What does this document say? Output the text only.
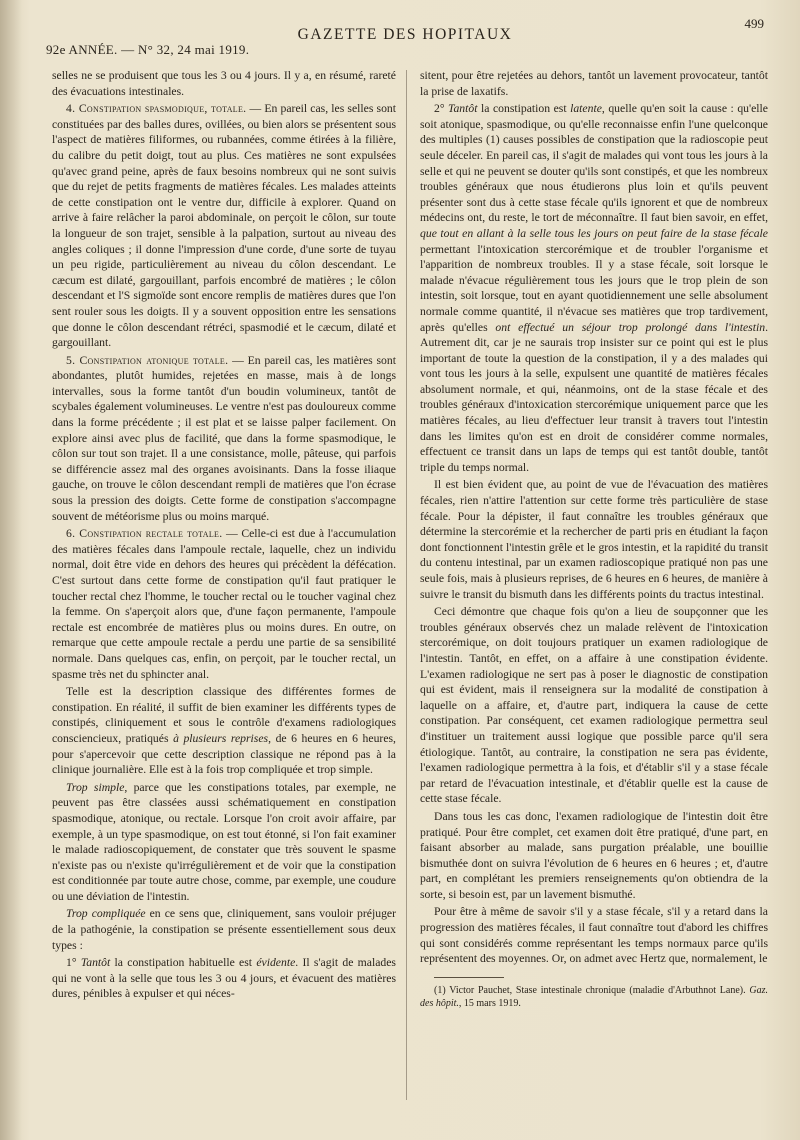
92e ANNÉE. — N° 32, 24 mai 1919.
GAZETTE DES HOPITAUX
499

selles ne se produisent que tous les 3 ou 4 jours. Il y a, en résumé, rareté des évacuations intestinales.

4. Constipation spasmodique, totale. — En pareil cas, les selles sont constituées par des balles dures, ovillées, ou bien alors se présentent sous l'aspect de matières filiformes, ou rubannées, comme étirées à la filière, du calibre du petit doigt, tout au plus. Ces matières ne sont expulsées qu'avec grand peine, après de faux besoins nombreux qui ne sont suivis que du rejet de petits fragments de matières fécales. Les malades atteints de cette constipation ont le ventre dur, difficile à explorer. Quand on arrive à faire relâcher la paroi abdominale, on perçoit le côlon, sur toute la longueur de son trajet, sensible à la palpation, surtout au niveau des angles coliques ; il donne l'impression d'une corde, d'une sorte de tuyau un peu rigide, particulièrement au niveau du côlon descendant. Le cæcum est dilaté, gargouillant, parfois encombré de matières ; le côlon descendant et l'S sigmoïde sont encore remplis de matières dures que l'on sent rouler sous les doigts. Il y a souvent opposition entre les sensations que donne le côlon descendant rétréci, spasmodié et le cæcum, dilaté et gargouillant.

5. Constipation atonique totale. — En pareil cas, les matières sont abondantes, plutôt humides, rejetées en masse, mais à de longs intervalles, sous la forme tantôt d'un boudin volumineux, tantôt de scybales également volumineuses. Le ventre n'est pas douloureux comme dans la forme précédente ; il est plat et se laisse palper facilement. On explore ainsi avec plus de facilité, que dans la forme spasmodique, le côlon sur tout son trajet. Il a une consistance, molle, pâteuse, qui parfois se différencie assez mal des organes avoisinants. Dans la fosse iliaque gauche, on trouve le côlon descendant rempli de matières que l'on écrase sous la pression des doigts. Cette forme de constipation s'accompagne souvent de météorisme plus ou moins marqué.

6. Constipation rectale totale. — Celle-ci est due à l'accumulation des matières fécales dans l'ampoule rectale, laquelle, chez un individu normal, doit être vide en dehors des heures qui précèdent la défécation. C'est surtout dans cette forme de constipation qu'il faut pratiquer le toucher rectal chez l'homme, le toucher rectal ou le toucher vaginal chez la femme. On s'aperçoit alors que, d'une façon permanente, l'ampoule rectale est encombrée de matières plus ou moins dures. En outre, on remarque que cette ampoule rectale a perdu une partie de sa sensibilité normale. Dans quelques cas, enfin, on perçoit, par le toucher rectal, un spasme très net du sphincter anal.

Telle est la description classique des différentes formes de constipation. En réalité, il suffit de bien examiner les différents types de constipés, cliniquement et sous le contrôle d'examens radiologiques consciencieux, pratiqués à plusieurs reprises, de 6 heures en 6 heures, pour s'apercevoir que cette description classique ne répond pas à la clinique journalière. Elle est à la fois trop compliquée et trop simple.

Trop simple, parce que les constipations totales, par exemple, ne peuvent pas être classées aussi schématiquement en constipation spasmodique, atonique, ou rectale. Lorsque l'on croit avoir affaire, par exemple, à un type spasmodique, on est tout étonné, si l'on fait examiner le malade radioscopiquement, de constater que très souvent le spasme n'existe pas ou n'existe qu'irrégulièrement et de voir que la constipation est conditionnée par toute autre chose, comme, par exemple, une coudure ou une déviation de l'intestin.

Trop compliquée en ce sens que, cliniquement, sans vouloir préjuger de la pathogénie, la constipation se présente essentiellement sous deux types :

1° Tantôt la constipation habituelle est évidente. Il s'agit de malades qui ne vont à la selle que tous les 3 ou 4 jours, et évacuent des matières dures, pénibles à expulser et qui néces-

sitent, pour être rejetées au dehors, tantôt un lavement provocateur, tantôt la prise de laxatifs.

2° Tantôt la constipation est latente, quelle qu'en soit la cause : qu'elle soit atonique, spasmodique, ou qu'elle reconnaisse enfin l'une quelconque des multiples (1) causes possibles de constipation que la radioscopie peut seule déceler. En pareil cas, il s'agit de malades qui vont tous les jours à la selle et qui ne peuvent se douter qu'ils sont constipés, et que les nombreux troubles généraux que nous étudierons plus loin et qu'ils peuvent présenter sont dus à cette stase fécale qu'ils ignorent et que de nombreux médecins ont, du reste, le tort de méconnaître. Il faut bien savoir, en effet, que tout en allant à la selle tous les jours on peut faire de la stase fécale permettant l'intoxication stercorémique et de troubler l'organisme et l'apparition de nombreux troubles. Il y a stase fécale, soit lorsque le malade n'évacue régulièrement tous les jours que le trop plein de son intestin, soit lorsque, tout en ayant quotidiennement une selle absolument normale comme quantité, il n'évacue ses matières que trop tardivement, après qu'elles ont effectué un séjour trop prolongé dans l'intestin. Autrement dit, car je ne saurais trop insister sur ce point qui est le plus important de toute la question de la constipation, il y a des malades qui vont tous les jours à la selle, expulsent une quantité de matières fécales absolument normale, et qui, néanmoins, ont de la stase fécale et des troubles généraux d'intoxication stercorémique uniquement parce que les matières fécales, au lieu d'effectuer leur transit à travers tout l'intestin dans les limites qu'on est en droit de considérer comme normales, effectuent ce transit dans un laps de temps qui est tantôt double, tantôt triple du temps normal.

Il est bien évident que, au point de vue de l'évacuation des matières fécales, rien n'attire l'attention sur cette forme très particulière de stase fécale. Pour la dépister, il faut connaître les troubles généraux que détermine la stercorémie et la rechercher de parti pris en étudiant la façon dont fonctionnent l'intestin grêle et le gros intestin, et la rapidité du transit du contenu intestinal, par un examen radioscopique pratiqué non pas une seule fois, mais à plusieurs reprises, de 6 heures en 6 heures, de manière à suivre le transit du bismuth dans les différents points du tractus intestinal.

Ceci démontre que chaque fois qu'on a lieu de soupçonner que les troubles généraux observés chez un malade relèvent de l'intoxication stercorémique, on doit toujours pratiquer un examen radiologique de l'intestin. Tantôt, en effet, on a affaire à une constipation évidente. L'examen radiologique ne sert pas à poser le diagnostic de constipation qui est évident, mais il renseignera sur la modalité de constipation à laquelle on a affaire, et, d'autre part, indiquera la cause de cette constipation. Par conséquent, cet examen radiologique permettra seul d'instituer un traitement aussi logique que possible parce qu'il sera étiologique. Tantôt, au contraire, la constipation ne sera pas évidente, l'examen radiologique permettra à la fois, et d'établir s'il y a stase fécale par retard de l'évacuation intestinale, et d'établir quelle est la cause de cette stase fécale.

Dans tous les cas donc, l'examen radiologique de l'intestin doit être pratiqué. Pour être complet, cet examen doit être pratiqué, d'une part, en faisant absorber au malade, sans purgation préalable, une bouillie bismuthée dont on suivra l'évolution de 6 heures en 6 heures ; et, d'autre part, en complétant les premiers renseignements qu'on obtiendra de la sorte, si besoin est, par un lavement bismuthé.

Pour être à même de savoir s'il y a stase fécale, s'il y a retard dans la progression des matières fécales, il faut connaître tout d'abord les chiffres qui sont considérés comme représentant les temps normaux parce qu'ils représentent des moyennes. Or, on admet avec Hertz que, normalement, le

(1) Victor Pauchet, Stase intestinale chronique (maladie d'Arbuthnot Lane). Gaz. des hôpit., 15 mars 1919.
